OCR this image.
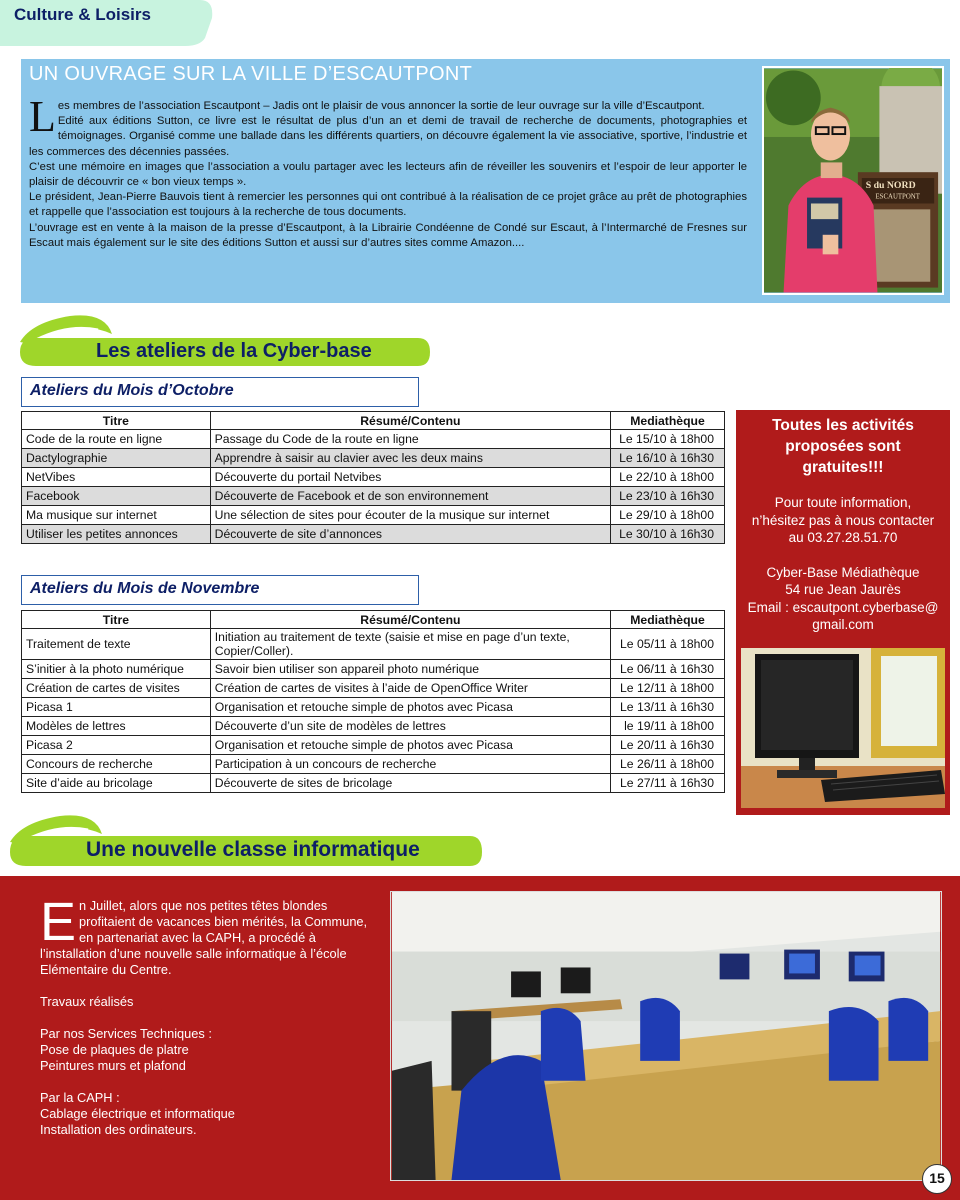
Culture & Loisirs
UN OUVRAGE SUR LA VILLE D’ESCAUTPONT
L es membres de l’association Escautpont – Jadis ont le plaisir de vous annoncer la sortie de leur ouvrage sur la ville d’Escautpont.

Edité aux éditions Sutton, ce livre est le résultat de plus d’un an et demi de travail de recherche de documents, photographies et témoignages. Organisé comme une ballade dans les différents quartiers, on découvre également la vie associative, sportive, l’industrie et les commerces des décennies passées.

C’est une mémoire en images que l’association a voulu partager avec les lecteurs afin de réveiller les souvenirs et l’espoir de leur apporter le plaisir de découvrir ce « bon vieux temps ».

Le président, Jean-Pierre Bauvois tient à remercier les personnes qui ont contribué à la réalisation de ce projet grâce au prêt de photographies et rappelle que l’association est toujours à la recherche de tous documents.

L’ouvrage est en vente à la maison de la presse d’Escautpont, à la Librairie Condéenne de Condé sur Escaut, à l’Intermarché de Fresnes sur Escaut mais également sur le site des éditions Sutton et aussi sur d’autres sites comme Amazon....

S du NORD
ESCAUTPONT
Les ateliers de la Cyber-base
Ateliers du Mois d’Octobre
Titre	Résumé/Contenu	Mediathèque
Code de la route en ligne	Passage du Code de la route en ligne	Le 15/10 à 18h00
Dactylographie	Apprendre à saisir au clavier avec les deux mains	Le 16/10 à 16h30
NetVibes	Découverte du portail Netvibes	Le 22/10 à 18h00
Facebook	Découverte de Facebook et de son environnement	Le 23/10 à 16h30
Ma musique sur internet	Une sélection de sites pour écouter de la musique sur internet	Le 29/10 à 18h00
Utiliser les petites annonces	Découverte de site d’annonces	Le 30/10 à 16h30
Ateliers du Mois de Novembre
Titre	Résumé/Contenu	Mediathèque
Traitement de texte	Initiation au traitement de texte (saisie et mise en page d’un texte, Copier/Coller).	Le 05/11 à 18h00
S’initier à la photo numérique	Savoir bien utiliser son appareil photo numérique	Le 06/11 à 16h30
Création de cartes de visites	Création de cartes de visites à l’aide de OpenOffice Writer	Le 12/11 à 18h00
Picasa 1	Organisation et retouche simple de photos avec Picasa	Le 13/11 à 16h30
Modèles de lettres	Découverte d’un site de modèles de lettres	le 19/11 à 18h00
Picasa 2	Organisation et retouche simple de photos avec Picasa	Le 20/11 à 16h30
Concours de recherche	Participation à un concours de recherche	Le 26/11 à 18h00
Site d’aide au bricolage	Découverte de sites de bricolage	Le 27/11 à 16h30
Toutes les activités
proposées sont
gratuites!!!

Pour toute information,
n’hésitez pas à nous contacter
au 03.27.28.51.70

Cyber-Base Médiathèque
54 rue Jean Jaurès
Email : escautpont.cyberbase@
gmail.com

Une nouvelle classe informatique
E n Juillet, alors que nos petites têtes blondes profitaient de vacances bien mérités, la Commune, en partenariat avec la CAPH, a procédé à l’installation d’une nouvelle salle informatique à l’école Elémentaire du Centre.

Travaux réalisés

Par nos Services Techniques :

Pose de plaques de platre

Peintures murs et plafond

Par la CAPH :

Cablage électrique et informatique

Installation des ordinateurs.

15
